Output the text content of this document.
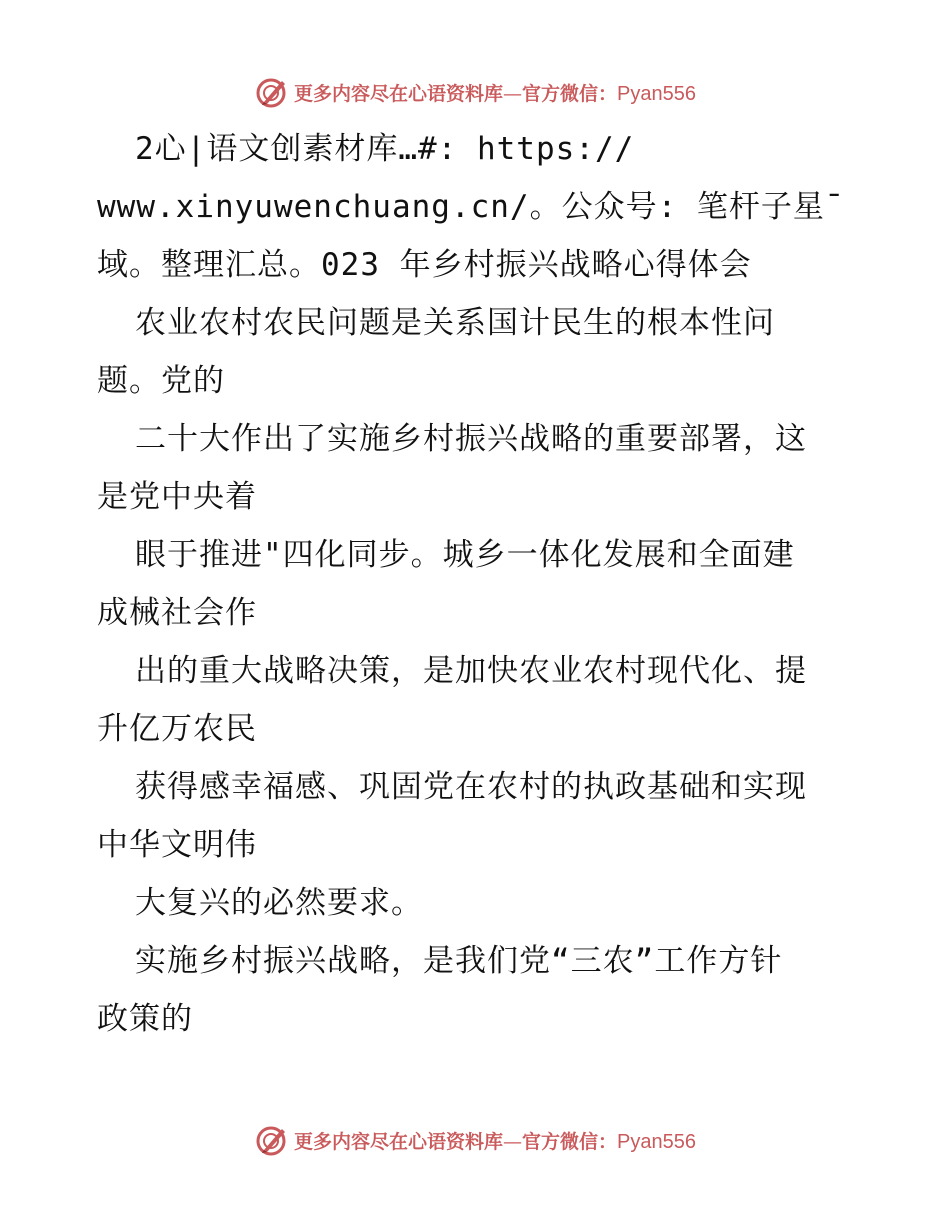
更多内容尽在心语资料库—官方微信：Pyan556
2心|语文创素材库…#: https://
www.xinyuwenchuang.cn/。公众号: 笔杆子星¯
域。整理汇总。023 年乡村振兴战略心得体会
农业农村农民问题是关系国计民生的根本性问
题。党的
二十大作出了实施乡村振兴战略的重要部署，这
是党中央着
眼于推进"四化同步。城乡一体化发展和全面建
成械社会作
出的重大战略决策，是加快农业农村现代化、提
升亿万农民
获得感幸福感、巩固党在农村的执政基础和实现
中华文明伟
大复兴的必然要求。
实施乡村振兴战略，是我们党“三农”工作方针
政策的
更多内容尽在心语资料库—官方微信：Pyan556
